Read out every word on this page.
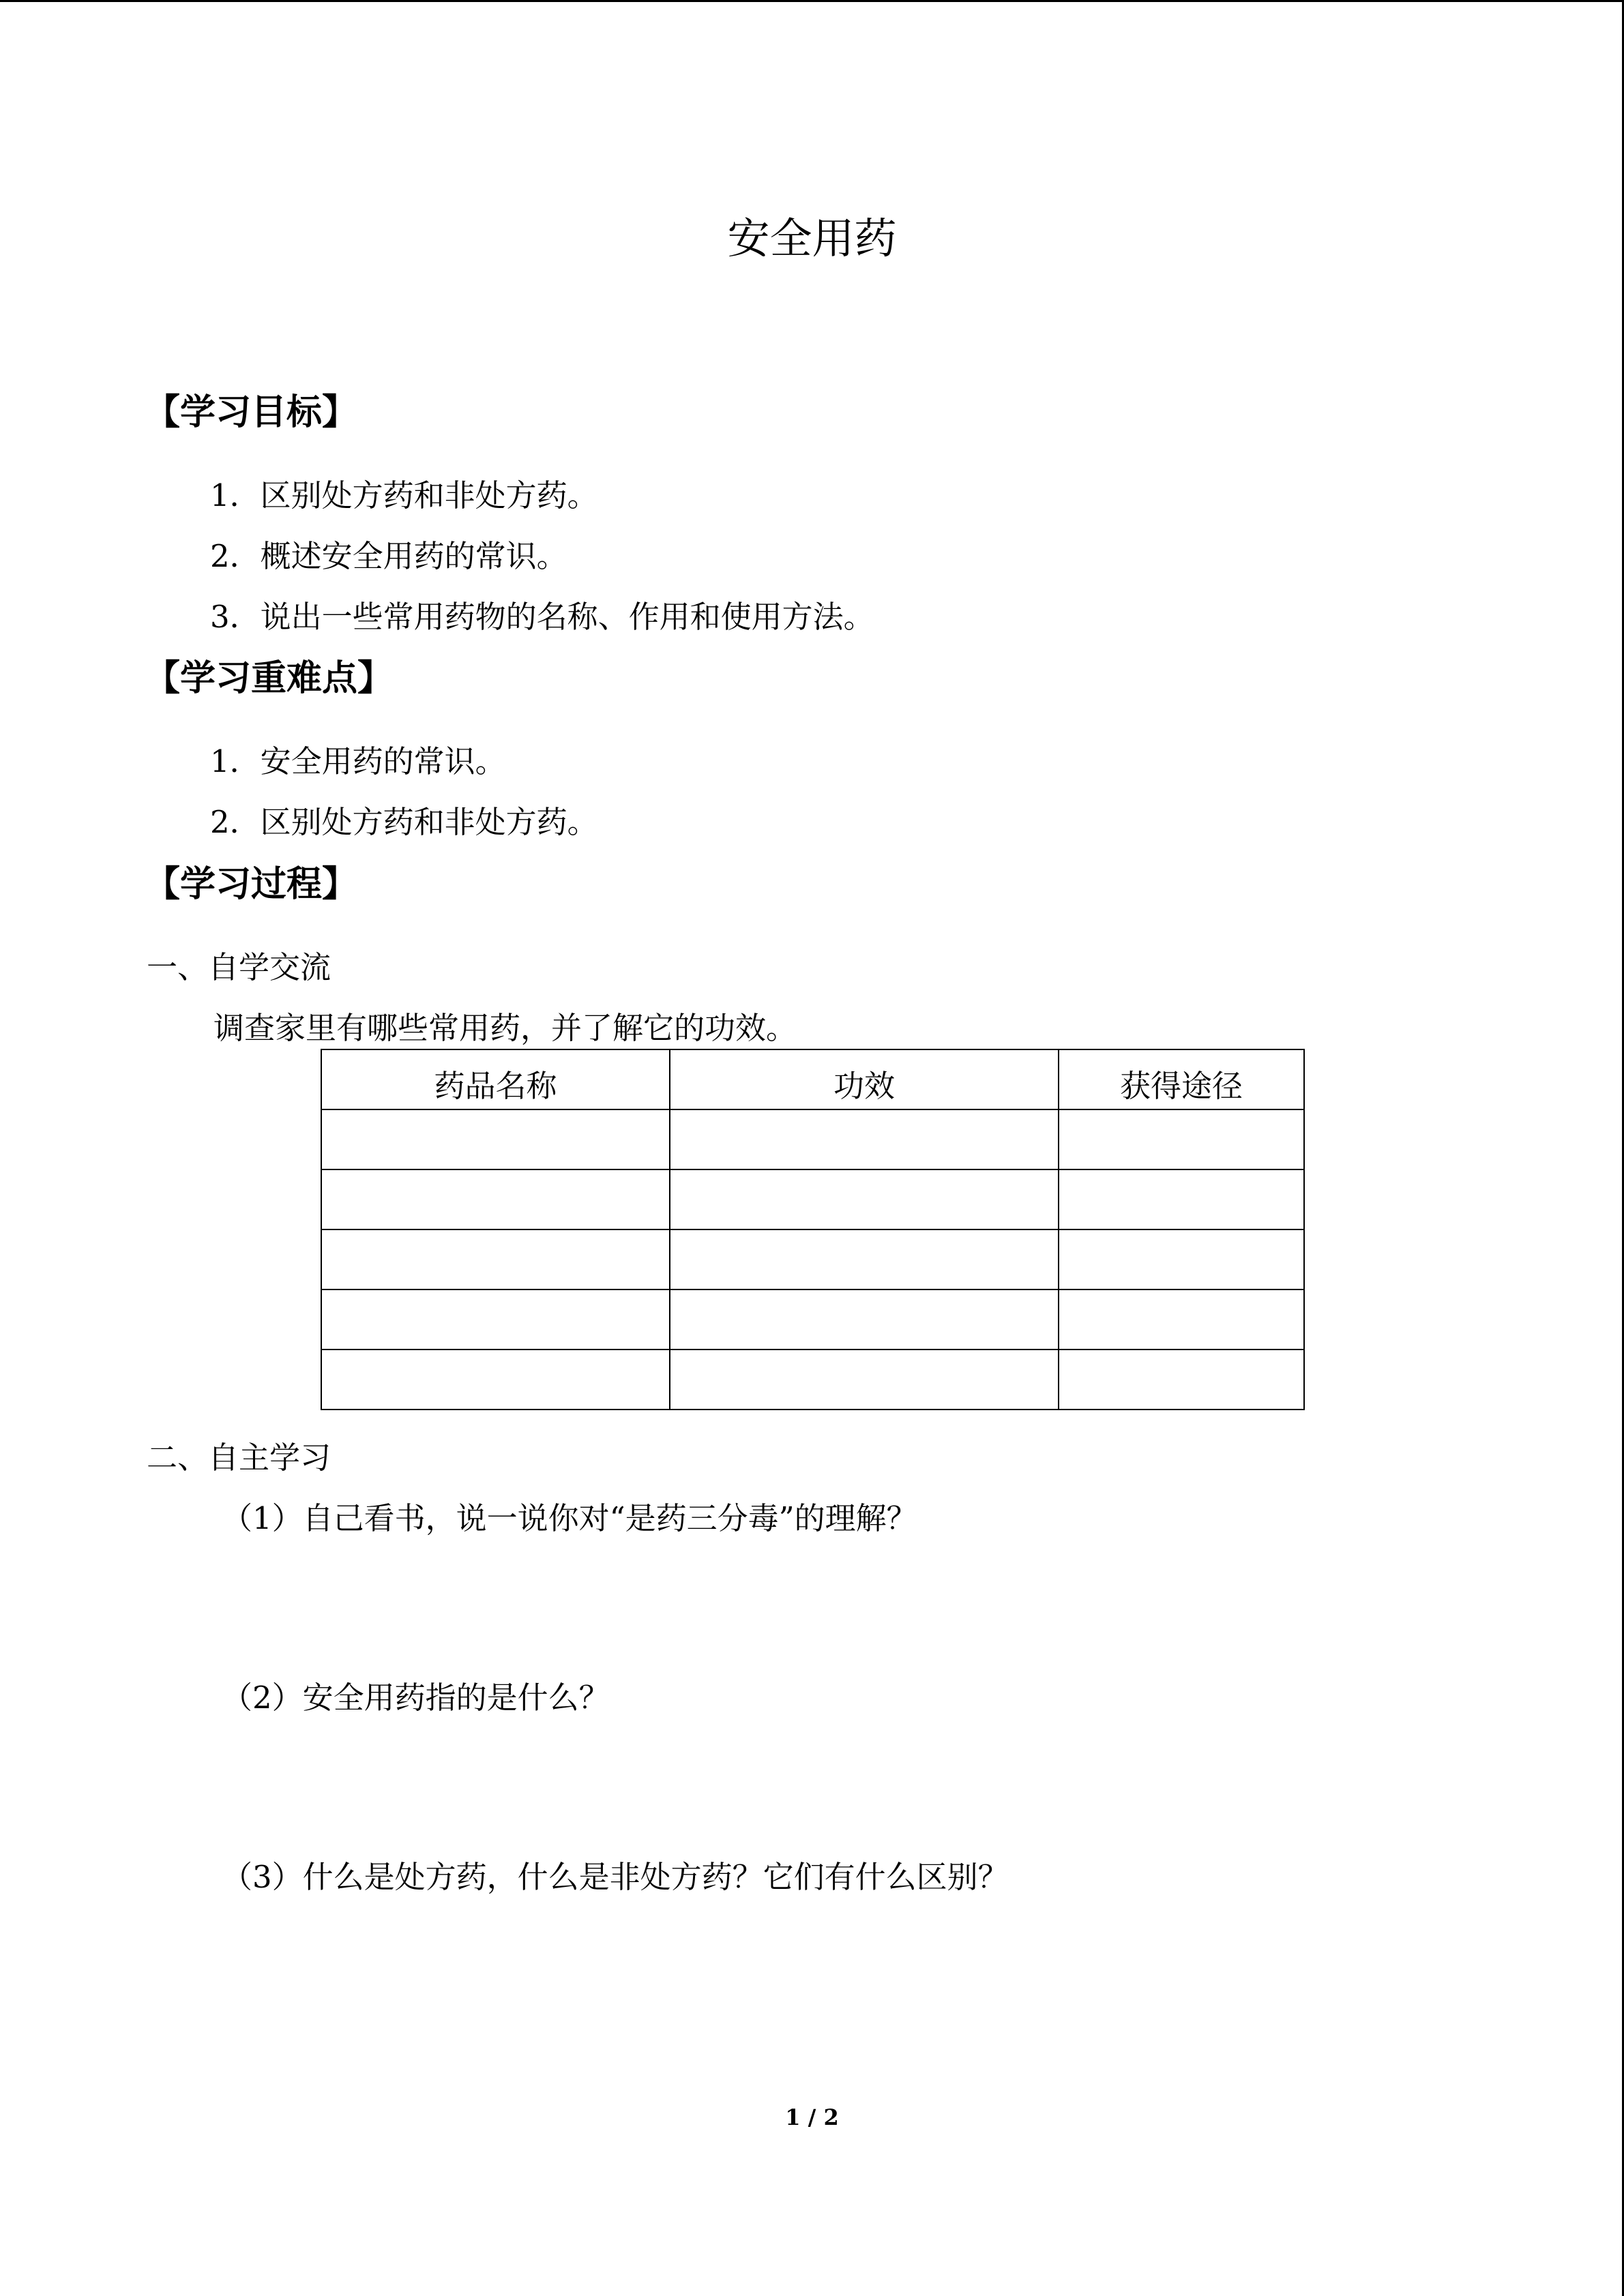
安全用药
【学习目标】
1．区别处方药和非处方药。
2．概述安全用药的常识。
3．说出一些常用药物的名称、作用和使用方法。
【学习重难点】
1．安全用药的常识。
2．区别处方药和非处方药。
【学习过程】
一、自学交流
调查家里有哪些常用药，并了解它的功效。
药品名称	功效	获得途径

二、自主学习
（1）自己看书，说一说你对“是药三分毒”的理解？
（2）安全用药指的是什么？
（3）什么是处方药，什么是非处方药？它们有什么区别？
1 / 2
